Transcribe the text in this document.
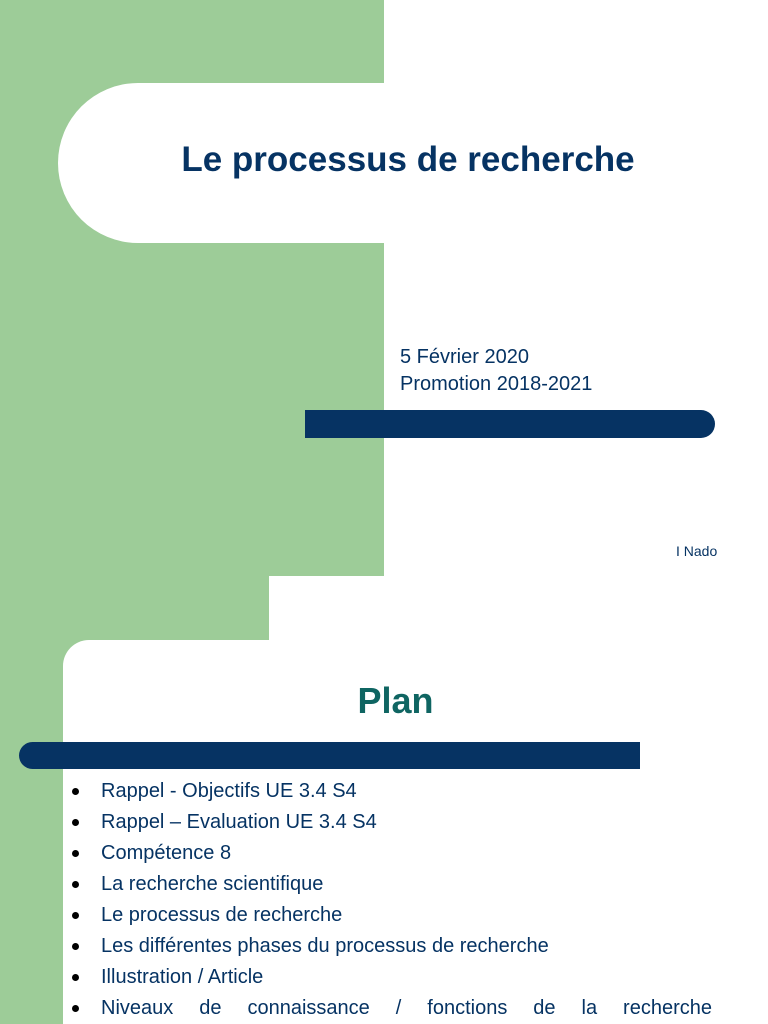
Le processus de recherche
5 Février 2020
Promotion 2018-2021
I Nado
Plan
Rappel - Objectifs UE 3.4 S4
Rappel – Evaluation UE 3.4 S4
Compétence 8
La recherche scientifique
Le processus de recherche
Les différentes phases du processus de recherche
Illustration / Article
Niveaux de connaissance / fonctions de la recherche
